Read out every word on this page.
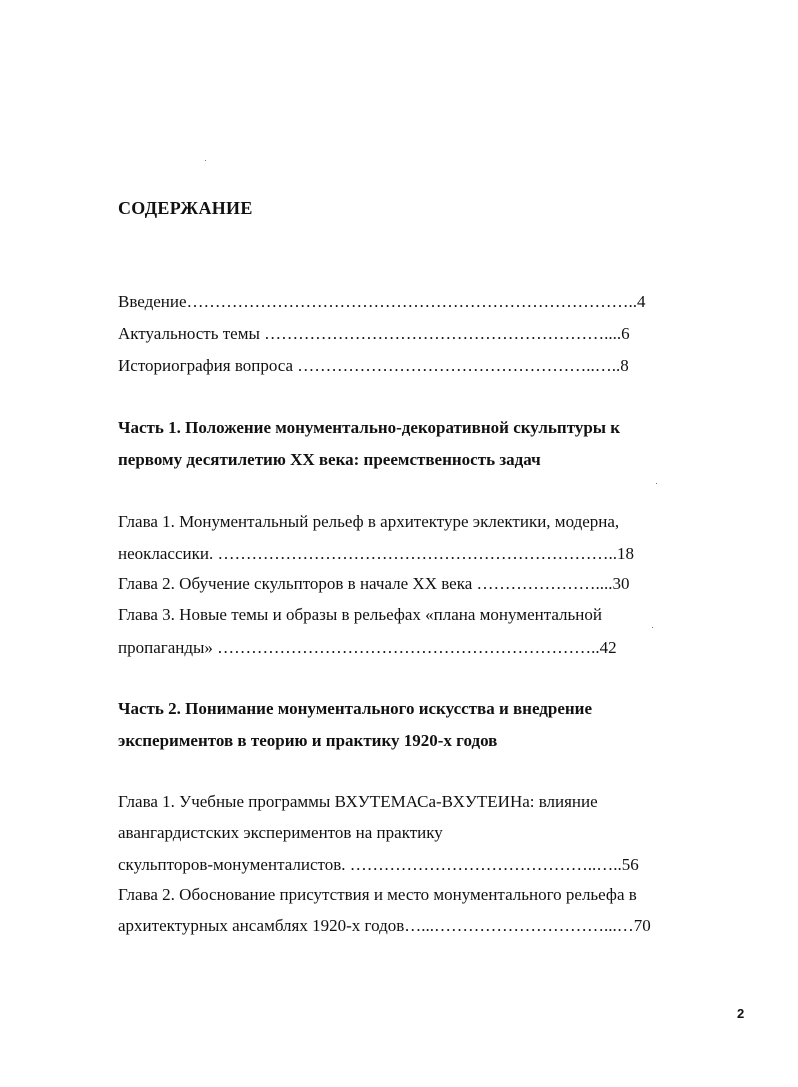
СОДЕРЖАНИЕ
Введение……………………………………………………………………..4
Актуальность темы ……………………………………………………....6
Историография вопроса ……………………………………………..…..8
Часть 1. Положение монументально-декоративной скульптуры к
первому десятилетию XX века: преемственность задач
Глава 1. Монументальный рельеф в архитектуре эклектики, модерна,
неоклассики. ……………………………………………………………..18
Глава 2. Обучение скульпторов в начале XX века …………………....30
Глава 3. Новые темы и образы в рельефах «плана монументальной
пропаганды» …………………………………………………………..42
Часть 2. Понимание монументального искусства и внедрение
экспериментов в теорию и практику 1920-х годов
Глава 1. Учебные программы ВХУТЕМАСа-ВХУТЕИНа: влияние
авангардистских экспериментов на практику
скульпторов-монументалистов. ……………………………………..…..56
Глава 2. Обоснование присутствия и место монументального рельефа в
архитектурных ансамблях 1920-х годов…...…………………………...…70
2
